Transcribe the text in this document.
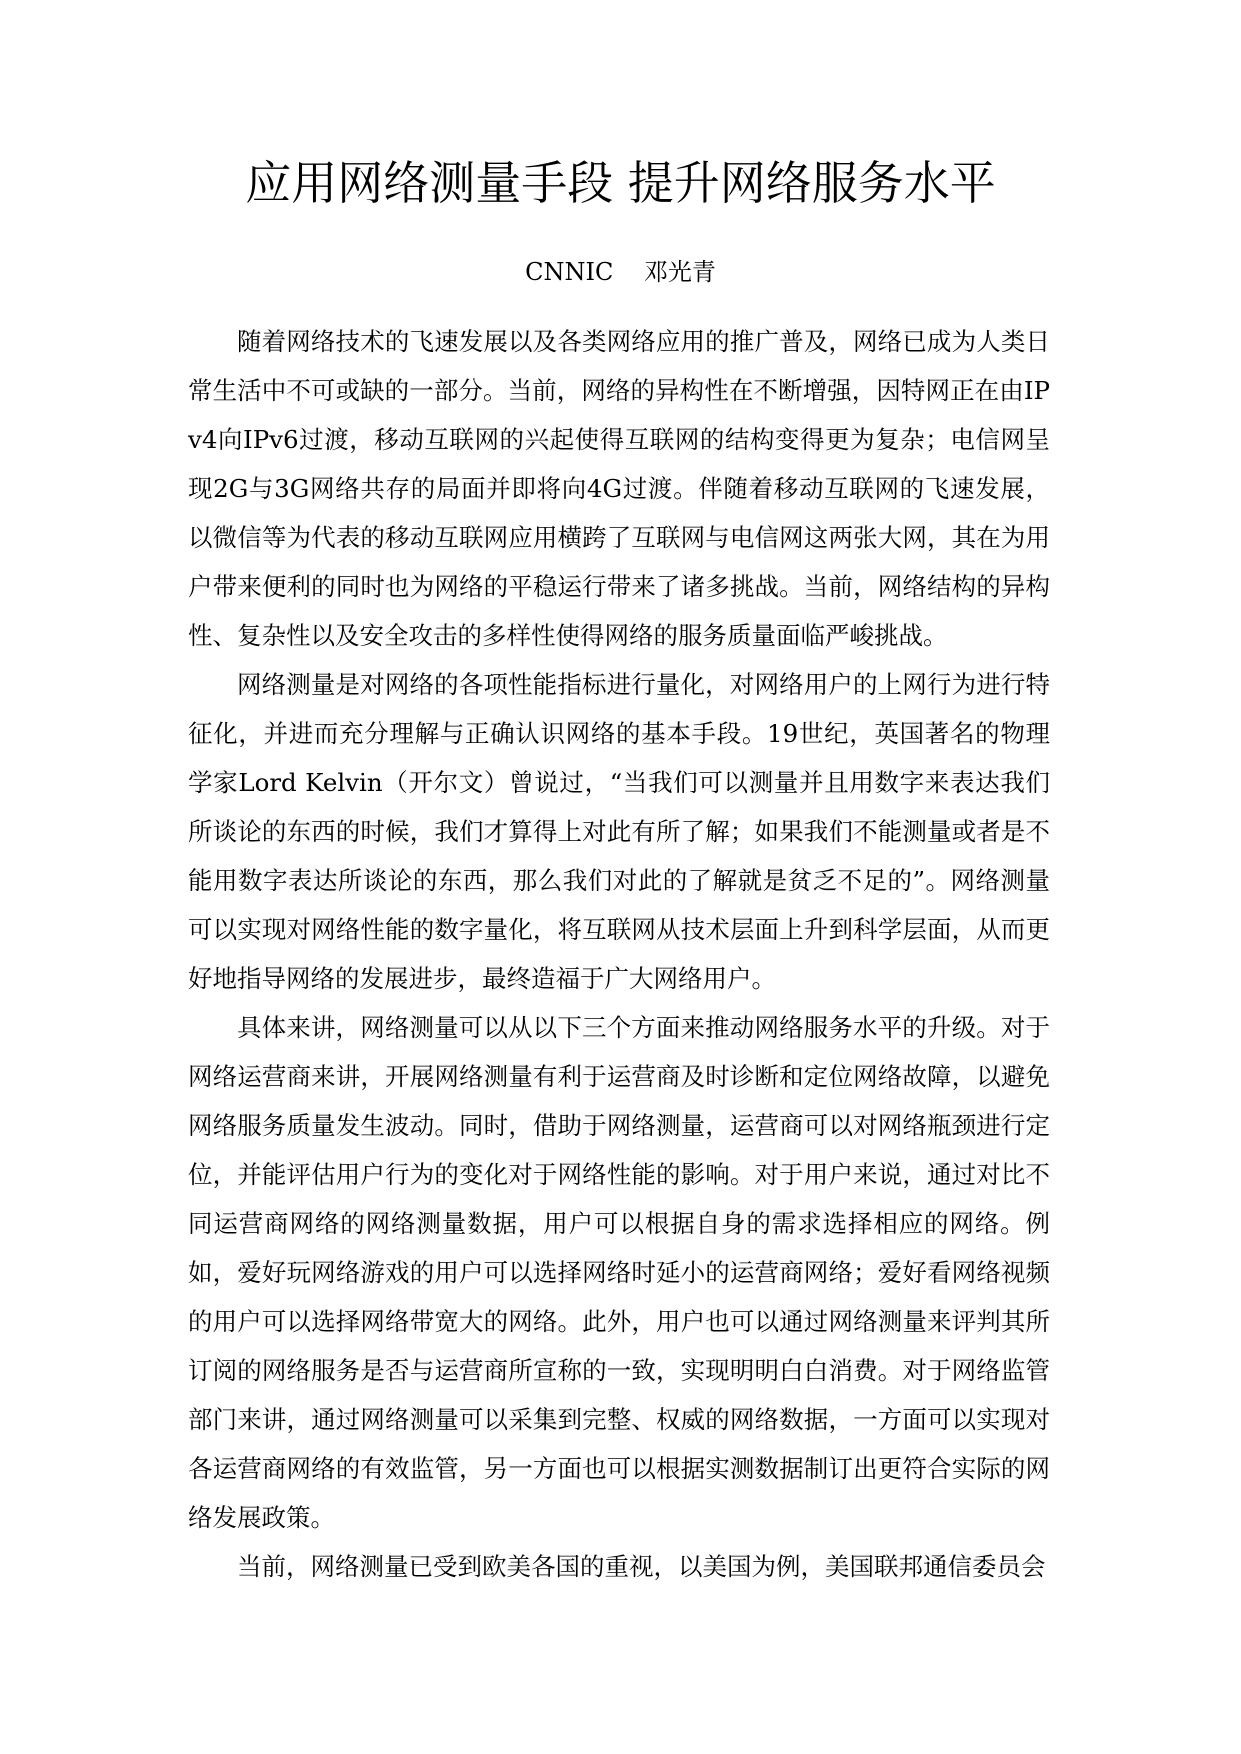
应用网络测量手段 提升网络服务水平
CNNIC    邓光青

随着网络技术的飞速发展以及各类网络应用的推广普及，网络已成为人类日常生活中不可或缺的一部分。当前，网络的异构性在不断增强，因特网正在由IPv4向IPv6过渡，移动互联网的兴起使得互联网的结构变得更为复杂；电信网呈现2G与3G网络共存的局面并即将向4G过渡。伴随着移动互联网的飞速发展，以微信等为代表的移动互联网应用横跨了互联网与电信网这两张大网，其在为用户带来便利的同时也为网络的平稳运行带来了诸多挑战。当前，网络结构的异构性、复杂性以及安全攻击的多样性使得网络的服务质量面临严峻挑战。

网络测量是对网络的各项性能指标进行量化，对网络用户的上网行为进行特征化，并进而充分理解与正确认识网络的基本手段。19世纪，英国著名的物理学家Lord Kelvin（开尔文）曾说过，“当我们可以测量并且用数字来表达我们所谈论的东西的时候，我们才算得上对此有所了解；如果我们不能测量或者是不能用数字表达所谈论的东西，那么我们对此的了解就是贫乏不足的”。网络测量可以实现对网络性能的数字量化，将互联网从技术层面上升到科学层面，从而更好地指导网络的发展进步，最终造福于广大网络用户。

具体来讲，网络测量可以从以下三个方面来推动网络服务水平的升级。对于网络运营商来讲，开展网络测量有利于运营商及时诊断和定位网络故障，以避免网络服务质量发生波动。同时，借助于网络测量，运营商可以对网络瓶颈进行定位，并能评估用户行为的变化对于网络性能的影响。对于用户来说，通过对比不同运营商网络的网络测量数据，用户可以根据自身的需求选择相应的网络。例如，爱好玩网络游戏的用户可以选择网络时延小的运营商网络；爱好看网络视频的用户可以选择网络带宽大的网络。此外，用户也可以通过网络测量来评判其所订阅的网络服务是否与运营商所宣称的一致，实现明明白白消费。对于网络监管部门来讲，通过网络测量可以采集到完整、权威的网络数据，一方面可以实现对各运营商网络的有效监管，另一方面也可以根据实测数据制订出更符合实际的网络发展政策。

当前，网络测量已受到欧美各国的重视，以美国为例，美国联邦通信委员会
